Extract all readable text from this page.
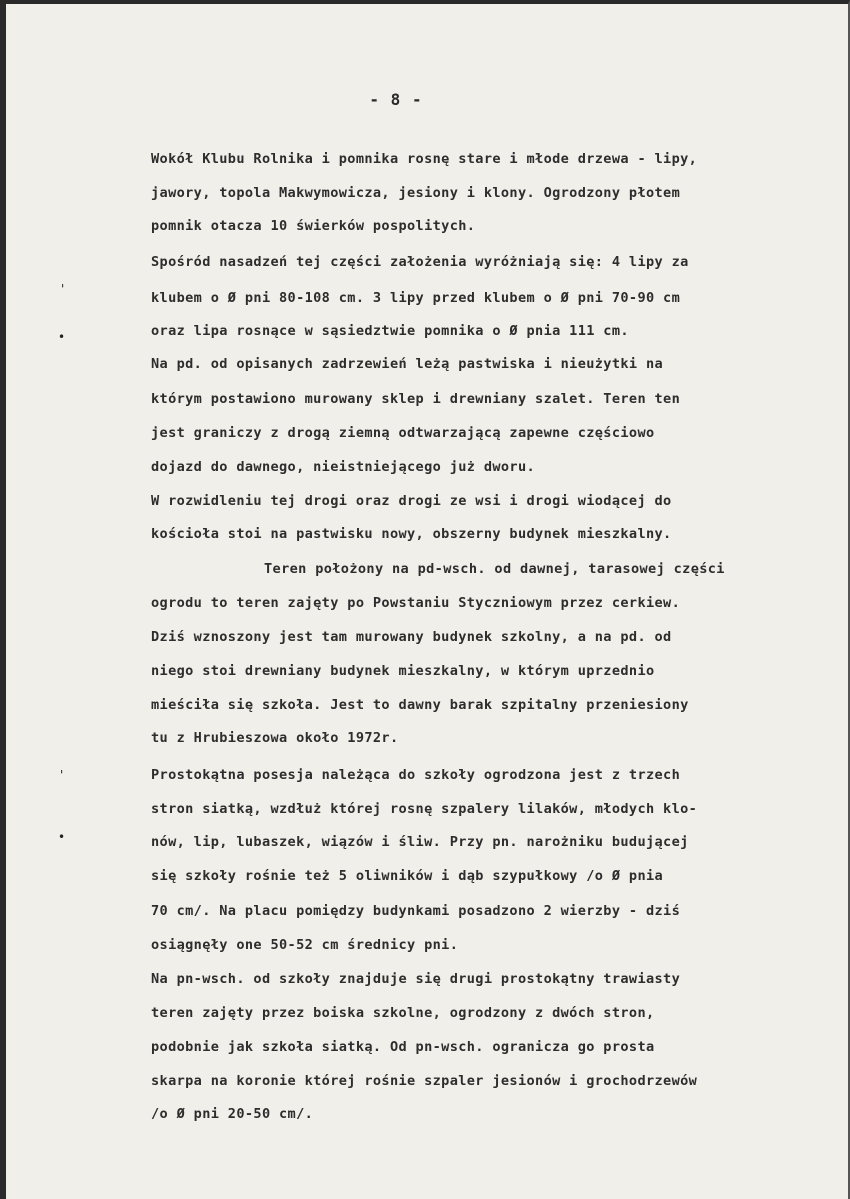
- 8 -
Wokół Klubu Rolnika i pomnika rosnę stare i młode drzewa - lipy,
jawory, topola Makwymowicza, jesiony i klony. Ogrodzony płotem
pomnik otacza 10 świerków pospolitych.
Spośród nasadzeń tej części założenia wyróżniają się: 4 lipy za
klubem o Ø pni 80-108 cm. 3 lipy przed klubem o Ø pni 70-90 cm
oraz lipa rosnące w sąsiedztwie pomnika o Ø pnia 111 cm.
Na pd. od opisanych zadrzewień leżą pastwiska i nieużytki na
którym postawiono murowany sklep i drewniany szalet. Teren ten
jest graniczy z drogą ziemną odtwarzającą zapewne częściowo
dojazd do dawnego, nieistniejącego już dworu.
W rozwidleniu tej drogi oraz drogi ze wsi i drogi wiodącej do
kościoła stoi na pastwisku nowy, obszerny budynek mieszkalny.
Teren położony na pd-wsch. od dawnej, tarasowej części
ogrodu to teren zajęty po Powstaniu Styczniowym przez cerkiew.
Dziś wznoszony jest tam murowany budynek szkolny, a na pd. od
niego stoi drewniany budynek mieszkalny, w którym uprzednio
mieściła się szkoła. Jest to dawny barak szpitalny przeniesiony
tu z Hrubieszowa około 1972r.
Prostokątna posesja należąca do szkoły ogrodzona jest z trzech
stron siatką, wzdłuż której rosnę szpalery lilaków, młodych klo-
nów, lip, lubaszek, wiązów i śliw. Przy pn. narożniku budującej
się szkoły rośnie też 5 oliwników i dąb szypułkowy /o Ø pnia
70 cm/. Na placu pomiędzy budynkami posadzono 2 wierzby - dziś
osiągnęły one 50-52 cm średnicy pni.
Na pn-wsch. od szkoły znajduje się drugi prostokątny trawiasty
teren zajęty przez boiska szkolne, ogrodzony z dwóch stron,
podobnie jak szkoła siatką. Od pn-wsch. ogranicza go prosta
skarpa na koronie której rośnie szpaler jesionów i grochodrzewów
/o Ø pni 20-50 cm/.
'
•
'
•
